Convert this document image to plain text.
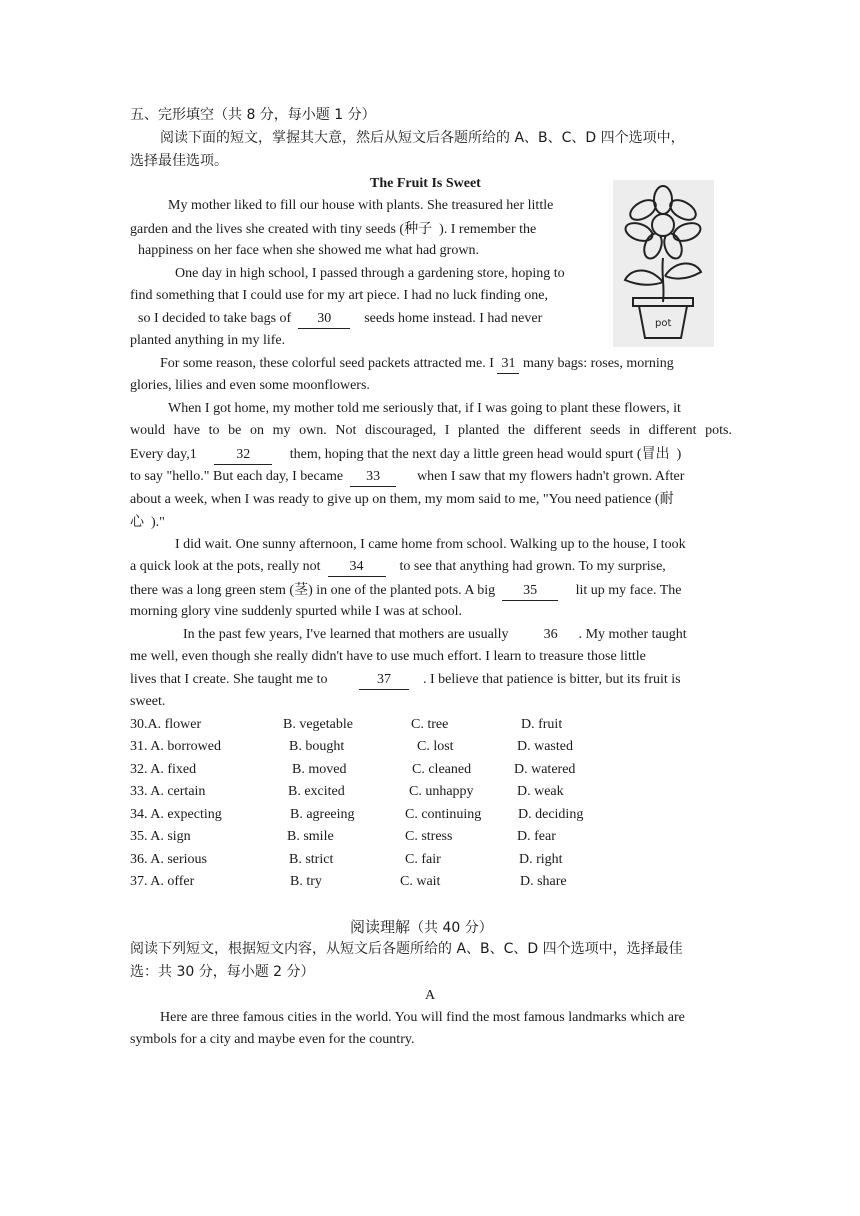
五、完形填空（共 8 分，每小题 1 分）
阅读下面的短文，掌握其大意，然后从短文后各题所给的 A、B、C、D 四个选项中，
选择最佳选项。
The Fruit Is Sweet
pot
My mother liked to fill our house with plants. She treasured her little
garden and the lives she created with tiny seeds (种子 ). I remember the
happiness on her face when she showed me what had grown.
One day in high school, I passed through a gardening store, hoping to
find something that I could use for my art piece. I had no luck finding one,
so I decided to take bags of 30 seeds home instead. I had never
planted anything in my life.
For some reason, these colorful seed packets attracted me. I 31 many bags: roses, morning
glories, lilies and even some moonflowers.
When I got home, my mother told me seriously that, if I was going to plant these flowers, it
would have to be on my own. Not discouraged, I planted the different seeds in different pots.
Every day,1	32	them, hoping that the next day a little green head would spurt (冒出 )
to say "hello." But each day, I became 33	when I saw that my flowers hadn't grown. After
about a week, when I was ready to give up on them, my mom said to me, "You need patience (耐
心 )."
I did wait. One sunny afternoon, I came home from school. Walking up to the house, I took
a quick look at the pots, really not 34	to see that anything had grown. To my surprise,
there was a long green stem (茎) in one of the planted pots. A big 35	lit up my face. The
morning glory vine suddenly spurted while I was at school.
In the past few years, I've learned that mothers are usually	36 . My mother taught
me well, even though she really didn't have to use much effort. I learn to treasure those little
lives that I create. She taught me to	37 . I believe that patience is bitter, but its fruit is
sweet.
30.A. flower	B. vegetable	C. tree	D. fruit
31. A. borrowed	B. bought	C. lost	D. wasted
32. A. fixed	B. moved	C. cleaned	D. watered
33. A. certain	B. excited	C. unhappy	D. weak
34. A. expecting	B. agreeing	C. continuing	D. deciding
35. A. sign	B. smile	C. stress	D. fear
36. A. serious	B. strict	C. fair	D. right
37. A. offer	B. try	C. wait	D. share
阅读理解（共 40 分）
阅读下列短文，根据短文内容，从短文后各题所给的 A、B、C、D 四个选项中，选择最佳
选：共 30 分，每小题 2 分）
A
Here are three famous cities in the world. You will find the most famous landmarks which are
symbols for a city and maybe even for the country.
